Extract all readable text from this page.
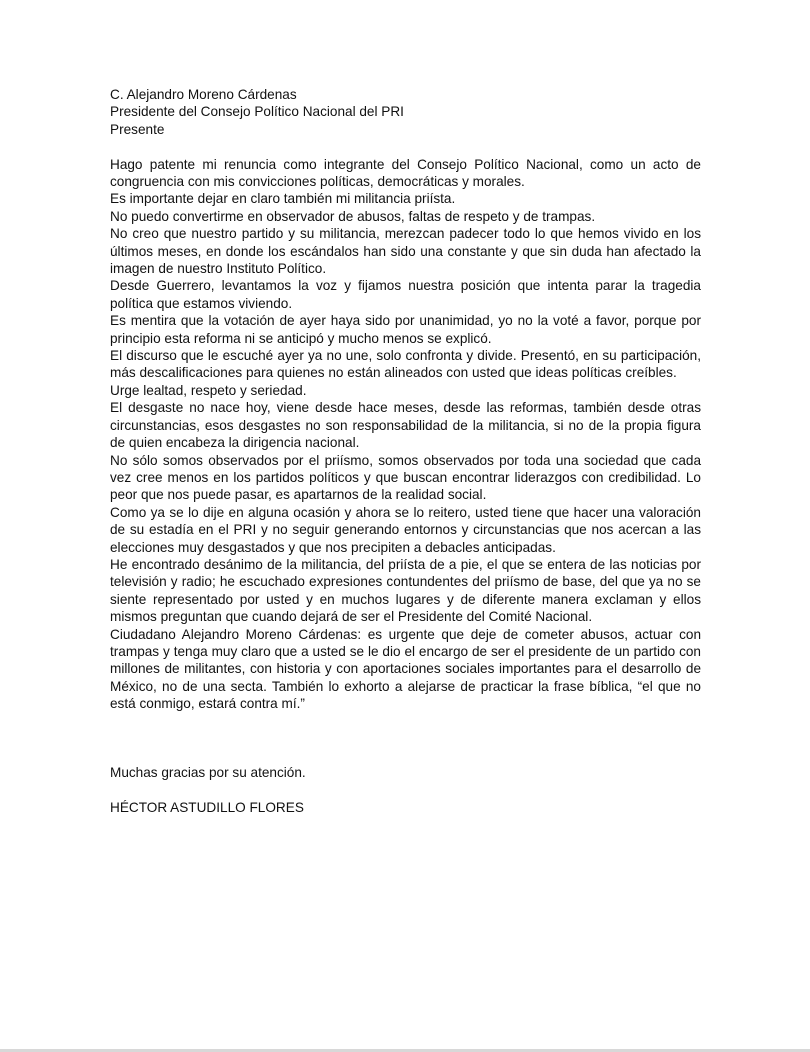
C. Alejandro Moreno Cárdenas

Presidente del Consejo Político Nacional del PRI

Presente

Hago patente mi renuncia como integrante del Consejo Político Nacional, como un acto de congruencia con mis convicciones políticas, democráticas y morales.

Es importante dejar en claro también mi militancia priísta.

No puedo convertirme en observador de abusos, faltas de respeto y de trampas.

No creo que nuestro partido y su militancia, merezcan padecer todo lo que hemos vivido en los últimos meses, en donde los escándalos han sido una constante y que sin duda han afectado la imagen de nuestro Instituto Político.

Desde Guerrero, levantamos la voz y fijamos nuestra posición que intenta parar la tragedia política que estamos viviendo.

Es mentira que la votación de ayer haya sido por unanimidad, yo no la voté a favor, porque por principio esta reforma ni se anticipó y mucho menos se explicó.

El discurso que le escuché ayer ya no une, solo confronta y divide. Presentó, en su participación, más descalificaciones para quienes no están alineados con usted que ideas políticas creíbles.

Urge lealtad, respeto y seriedad.

El desgaste no nace hoy, viene desde hace meses, desde las reformas, también desde otras circunstancias, esos desgastes no son responsabilidad de la militancia, si no de la propia figura de quien encabeza la dirigencia nacional.

No sólo somos observados por el priísmo, somos observados por toda una sociedad que cada vez cree menos en los partidos políticos y que buscan encontrar liderazgos con credibilidad. Lo peor que nos puede pasar, es apartarnos de la realidad social.

Como ya se lo dije en alguna ocasión y ahora se lo reitero, usted tiene que hacer una valoración de su estadía en el PRI y no seguir generando entornos y circunstancias que nos acercan a las elecciones muy desgastados y que nos precipiten a debacles anticipadas.

He encontrado desánimo de la militancia, del priísta de a pie, el que se entera de las noticias por televisión y radio; he escuchado expresiones contundentes del priísmo de base, del que ya no se siente representado por usted y en muchos lugares y de diferente manera exclaman y ellos mismos preguntan que cuando dejará de ser el Presidente del Comité Nacional.

Ciudadano Alejandro Moreno Cárdenas: es urgente que deje de cometer abusos, actuar con trampas y tenga muy claro que a usted se le dio el encargo de ser el presidente de un partido con millones de militantes, con historia y con aportaciones sociales importantes para el desarrollo de México, no de una secta. También lo exhorto a alejarse de practicar la frase bíblica, “el que no está conmigo, estará contra mí.”

Muchas gracias por su atención.

HÉCTOR ASTUDILLO FLORES
